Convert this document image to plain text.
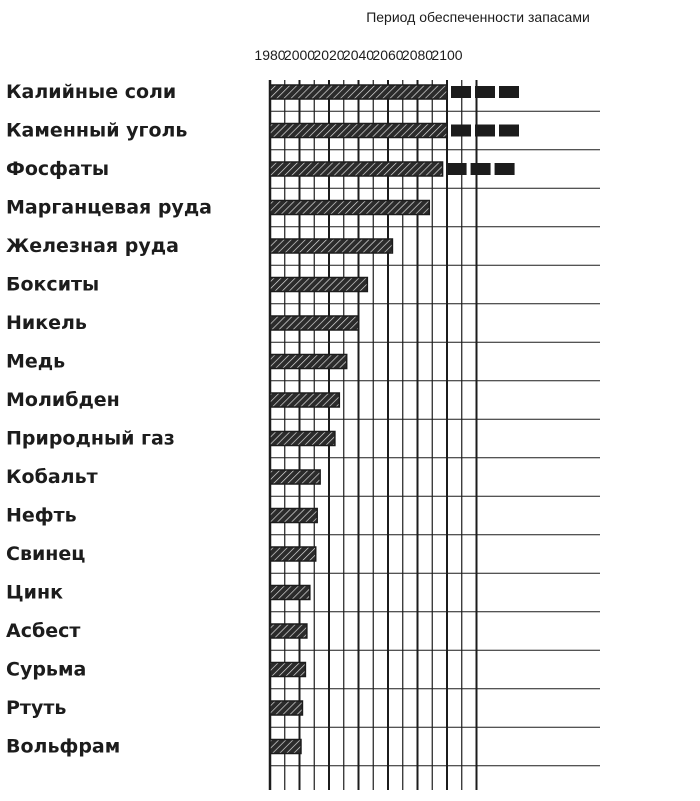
Период обеспеченности запасами
1980
2000
2020
2040
2060
2080
2100
Калийные соли
Каменный уголь
Фосфаты
Марганцевая руда
Железная руда
Бокситы
Никель
Медь
Молибден
Природный газ
Кобальт
Нефть
Свинец
Цинк
Асбест
Сурьма
Ртуть
Вольфрам
